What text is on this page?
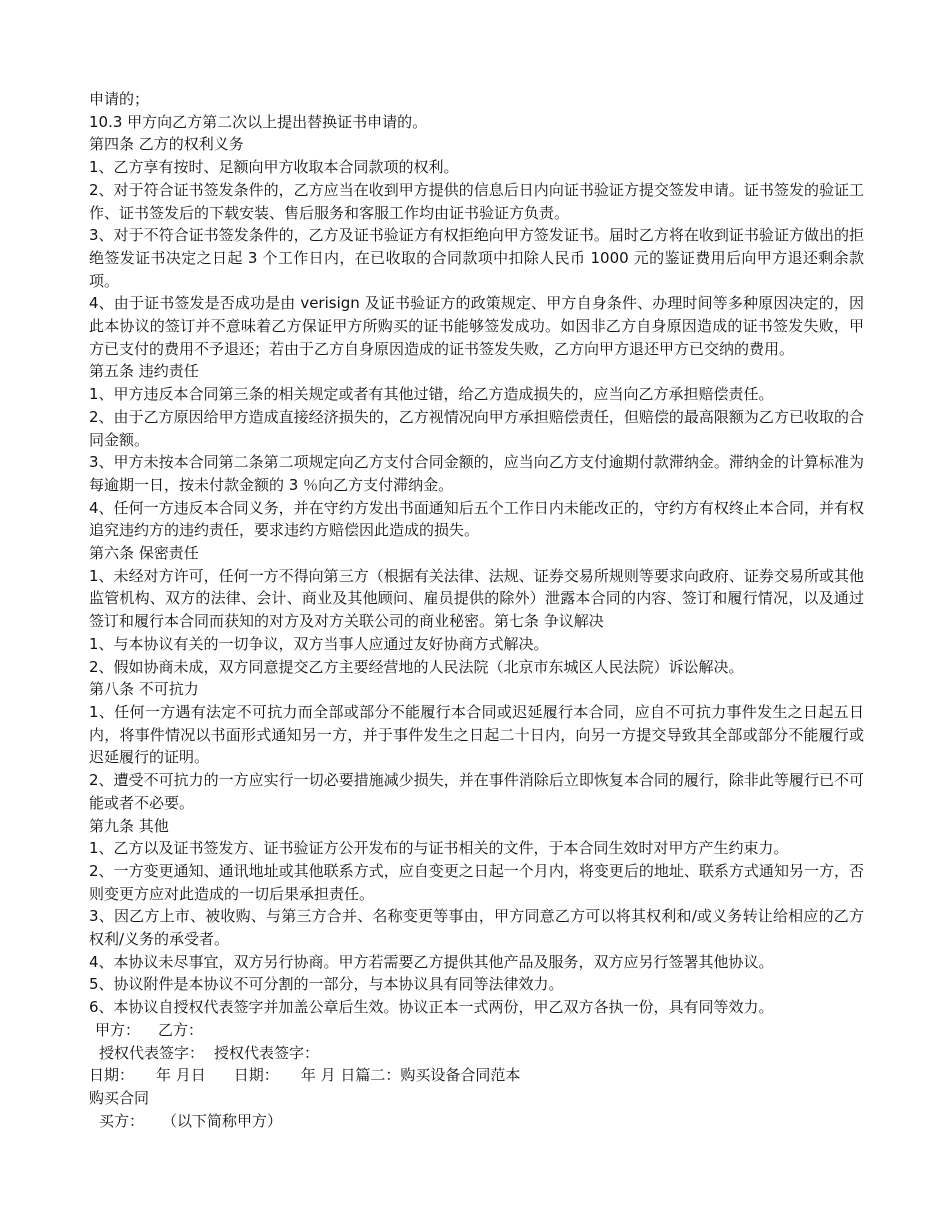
申请的；

10.3 甲方向乙方第二次以上提出替换证书申请的。

第四条 乙方的权利义务

1、乙方享有按时、足额向甲方收取本合同款项的权利。

2、对于符合证书签发条件的，乙方应当在收到甲方提供的信息后日内向证书验证方提交签发申请。证书签发的验证工作、证书签发后的下载安装、售后服务和客服工作均由证书验证方负责。

3、对于不符合证书签发条件的，乙方及证书验证方有权拒绝向甲方签发证书。届时乙方将在收到证书验证方做出的拒绝签发证书决定之日起 3 个工作日内，在已收取的合同款项中扣除人民币 1000 元的鉴证费用后向甲方退还剩余款项。

4、由于证书签发是否成功是由 verisign 及证书验证方的政策规定、甲方自身条件、办理时间等多种原因决定的，因此本协议的签订并不意味着乙方保证甲方所购买的证书能够签发成功。如因非乙方自身原因造成的证书签发失败，甲方已支付的费用不予退还；若由于乙方自身原因造成的证书签发失败，乙方向甲方退还甲方已交纳的费用。

第五条 违约责任

1、甲方违反本合同第三条的相关规定或者有其他过错，给乙方造成损失的，应当向乙方承担赔偿责任。

2、由于乙方原因给甲方造成直接经济损失的，乙方视情况向甲方承担赔偿责任，但赔偿的最高限额为乙方已收取的合同金额。

3、甲方未按本合同第二条第二项规定向乙方支付合同金额的，应当向乙方支付逾期付款滞纳金。滞纳金的计算标准为每逾期一日，按未付款金额的 3 ％向乙方支付滞纳金。

4、任何一方违反本合同义务，并在守约方发出书面通知后五个工作日内未能改正的，守约方有权终止本合同，并有权追究违约方的违约责任，要求违约方赔偿因此造成的损失。

第六条 保密责任

1、未经对方许可，任何一方不得向第三方（根据有关法律、法规、证券交易所规则等要求向政府、证券交易所或其他监管机构、双方的法律、会计、商业及其他顾问、雇员提供的除外）泄露本合同的内容、签订和履行情况，以及通过签订和履行本合同而获知的对方及对方关联公司的商业秘密。第七条 争议解决

1、与本协议有关的一切争议，双方当事人应通过友好协商方式解决。

2、假如协商未成，双方同意提交乙方主要经营地的人民法院（北京市东城区人民法院）诉讼解决。

第八条 不可抗力

1、任何一方遇有法定不可抗力而全部或部分不能履行本合同或迟延履行本合同，应自不可抗力事件发生之日起五日内，将事件情况以书面形式通知另一方，并于事件发生之日起二十日内，向另一方提交导致其全部或部分不能履行或迟延履行的证明。

2、遭受不可抗力的一方应实行一切必要措施减少损失，并在事件消除后立即恢复本合同的履行，除非此等履行已不可能或者不必要。

第九条 其他

1、乙方以及证书签发方、证书验证方公开发布的与证书相关的文件，于本合同生效时对甲方产生约束力。

2、一方变更通知、通讯地址或其他联系方式，应自变更之日起一个月内，将变更后的地址、联系方式通知另一方，否则变更方应对此造成的一切后果承担责任。

3、因乙方上市、被收购、与第三方合并、名称变更等事由，甲方同意乙方可以将其权利和/或义务转让给相应的乙方权利/义务的承受者。

4、本协议未尽事宜，双方另行协商。甲方若需要乙方提供其他产品及服务，双方应另行签署其他协议。

5、协议附件是本协议不可分割的一部分，与本协议具有同等法律效力。

6、本协议自授权代表签字并加盖公章后生效。协议正本一式两份，甲乙双方各执一份，具有同等效力。

甲方： 乙方：

授权代表签字： 授权代表签字：

日期： 年 月日 日期： 年 月 日篇二：购买设备合同范本

购买合同

买方： （以下简称甲方）
